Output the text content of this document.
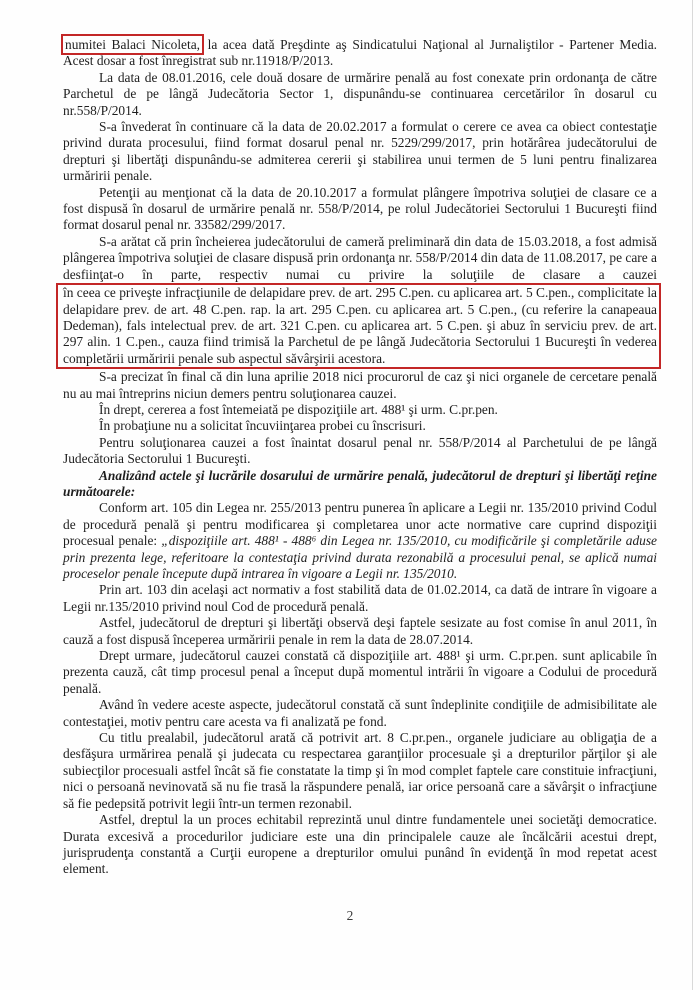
numitei Balaci Nicoleta, la acea dată Preşdinte aş Sindicatului Naţional al Jurnaliştilor - Partener Media. Acest dosar a fost înregistrat sub nr.11918/P/2013.

La data de 08.01.2016, cele două dosare de urmărire penală au fost conexate prin ordonanţa de către Parchetul de pe lângă Judecătoria Sector 1, dispunându-se continuarea cercetărilor în dosarul cu nr.558/P/2014.

S-a învederat în continuare că la data de 20.02.2017 a formulat o cerere ce avea ca obiect contestaţie privind durata procesului, fiind format dosarul penal nr. 5229/299/2017, prin hotărârea judecătorului de drepturi şi libertăţi dispunându-se admiterea cererii şi stabilirea unui termen de 5 luni pentru finalizarea urmăririi penale.

Petenţii au menţionat că la data de 20.10.2017 a formulat plângere împotriva soluţiei de clasare ce a fost dispusă în dosarul de urmărire penală nr. 558/P/2014, pe rolul Judecătoriei Sectorului 1 Bucureşti fiind format dosarul penal nr. 33582/299/2017.

S-a arătat că prin încheierea judecătorului de cameră preliminară din data de 15.03.2018, a fost admisă plângerea împotriva soluţiei de clasare dispusă prin ordonanţa nr. 558/P/2014 din data de 11.08.2017, pe care a desfiinţat-o în parte, respectiv numai cu privire la soluţiile de clasare a cauzei

în ceea ce priveşte infracţiunile de delapidare prev. de art. 295 C.pen. cu aplicarea art. 5 C.pen., complicitate la delapidare prev. de art. 48 C.pen. rap. la art. 295 C.pen. cu aplicarea art. 5 C.pen., (cu referire la canapeaua Dedeman), fals intelectual prev. de art. 321 C.pen. cu aplicarea art. 5 C.pen. şi abuz în serviciu prev. de art. 297 alin. 1 C.pen., cauza fiind trimisă la Parchetul de pe lângă Judecătoria Sectorului 1 Bucureşti în vederea completării urmăririi penale sub aspectul săvârşirii acestora.

S-a precizat în final că din luna aprilie 2018 nici procurorul de caz şi nici organele de cercetare penală nu au mai întreprins niciun demers pentru soluţionarea cauzei.

În drept, cererea a fost întemeiată pe dispoziţiile art. 488¹ şi urm. C.pr.pen.

În probaţiune nu a solicitat încuviinţarea probei cu înscrisuri.

Pentru soluţionarea cauzei a fost înaintat dosarul penal nr. 558/P/2014 al Parchetului de pe lângă Judecătoria Sectorului 1 Bucureşti.

Analizând actele şi lucrările dosarului de urmărire penală, judecătorul de drepturi şi libertăţi reţine următoarele:

Conform art. 105 din Legea nr. 255/2013 pentru punerea în aplicare a Legii nr. 135/2010 privind Codul de procedură penală şi pentru modificarea şi completarea unor acte normative care cuprind dispoziţii procesual penale: „dispoziţiile art. 488¹ - 488⁶ din Legea nr. 135/2010, cu modificările şi completările aduse prin prezenta lege, referitoare la contestaţia privind durata rezonabilă a procesului penal, se aplică numai proceselor penale începute după intrarea în vigoare a Legii nr. 135/2010.

Prin art. 103 din acelaşi act normativ a fost stabilită data de 01.02.2014, ca dată de intrare în vigoare a Legii nr.135/2010 privind noul Cod de procedură penală.

Astfel, judecătorul de drepturi şi libertăţi observă deşi faptele sesizate au fost comise în anul 2011, în cauză a fost dispusă începerea urmăririi penale in rem la data de 28.07.2014.

Drept urmare, judecătorul cauzei constată că dispoziţiile art. 488¹ şi urm. C.pr.pen. sunt aplicabile în prezenta cauză, cât timp procesul penal a început după momentul intrării în vigoare a Codului de procedură penală.

Având în vedere aceste aspecte, judecătorul constată că sunt îndeplinite condiţiile de admisibilitate ale contestaţiei, motiv pentru care acesta va fi analizată pe fond.

Cu titlu prealabil, judecătorul arată că potrivit art. 8 C.pr.pen., organele judiciare au obligaţia de a desfăşura urmărirea penală şi judecata cu respectarea garanţiilor procesuale şi a drepturilor părţilor şi ale subiecţilor procesuali astfel încât să fie constatate la timp şi în mod complet faptele care constituie infracţiuni, nici o persoană nevinovată să nu fie trasă la răspundere penală, iar orice persoană care a săvârşit o infracţiune să fie pedepsită potrivit legii într-un termen rezonabil.

Astfel, dreptul la un proces echitabil reprezintă unul dintre fundamentele unei societăţi democratice. Durata excesivă a procedurilor judiciare este una din principalele cauze ale încălcării acestui drept, jurisprudenţa constantă a Curţii europene a drepturilor omului punând în evidenţă în mod repetat acest element.

2
